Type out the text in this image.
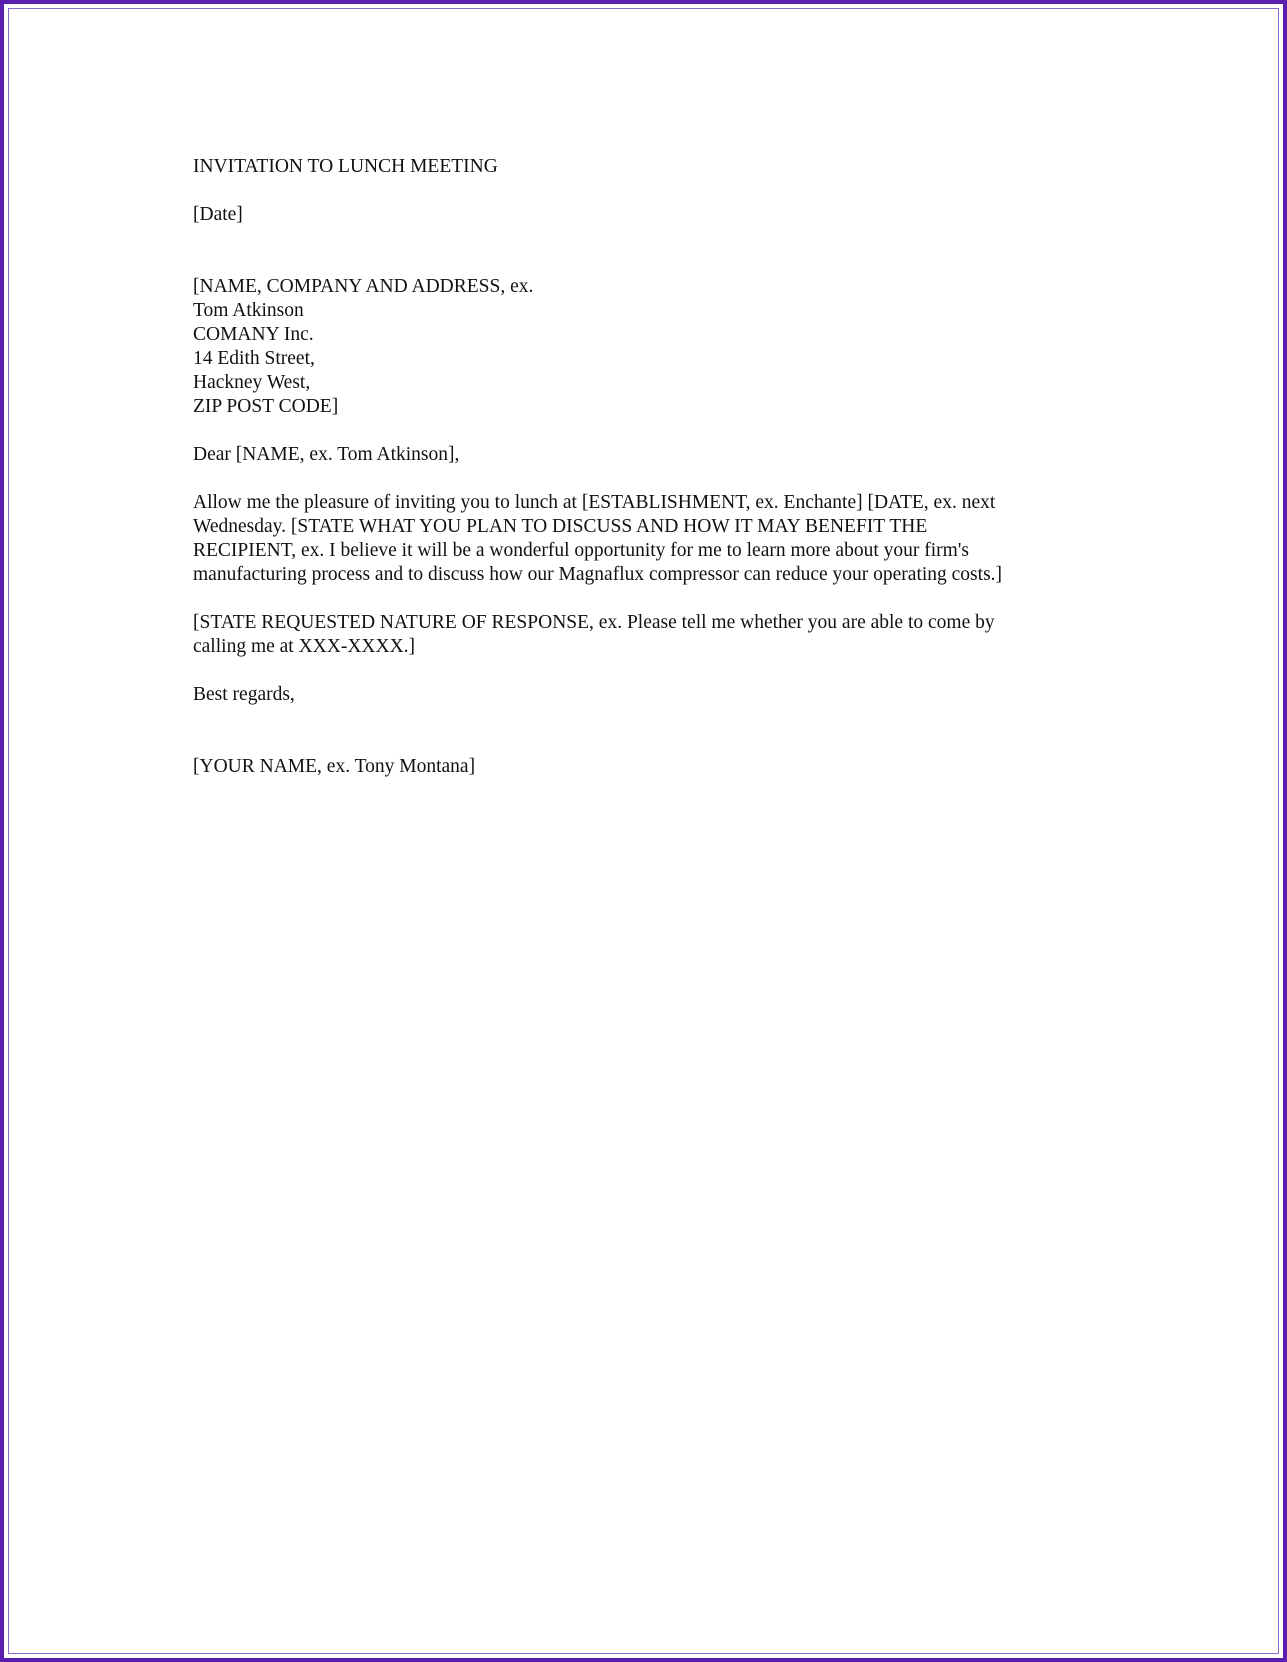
INVITATION TO LUNCH MEETING

[Date]

[NAME, COMPANY AND ADDRESS, ex.
Tom Atkinson
COMANY Inc.
14 Edith Street,
Hackney West,
ZIP POST CODE]

Dear [NAME, ex. Tom Atkinson],

Allow me the pleasure of inviting you to lunch at [ESTABLISHMENT, ex. Enchante] [DATE, ex. next
Wednesday. [STATE WHAT YOU PLAN TO DISCUSS AND HOW IT MAY BENEFIT THE
RECIPIENT, ex. I believe it will be a wonderful opportunity for me to learn more about your firm's
manufacturing process and to discuss how our Magnaflux compressor can reduce your operating costs.]

[STATE REQUESTED NATURE OF RESPONSE, ex. Please tell me whether you are able to come by
calling me at XXX-XXXX.]

Best regards,

[YOUR NAME, ex. Tony Montana]
